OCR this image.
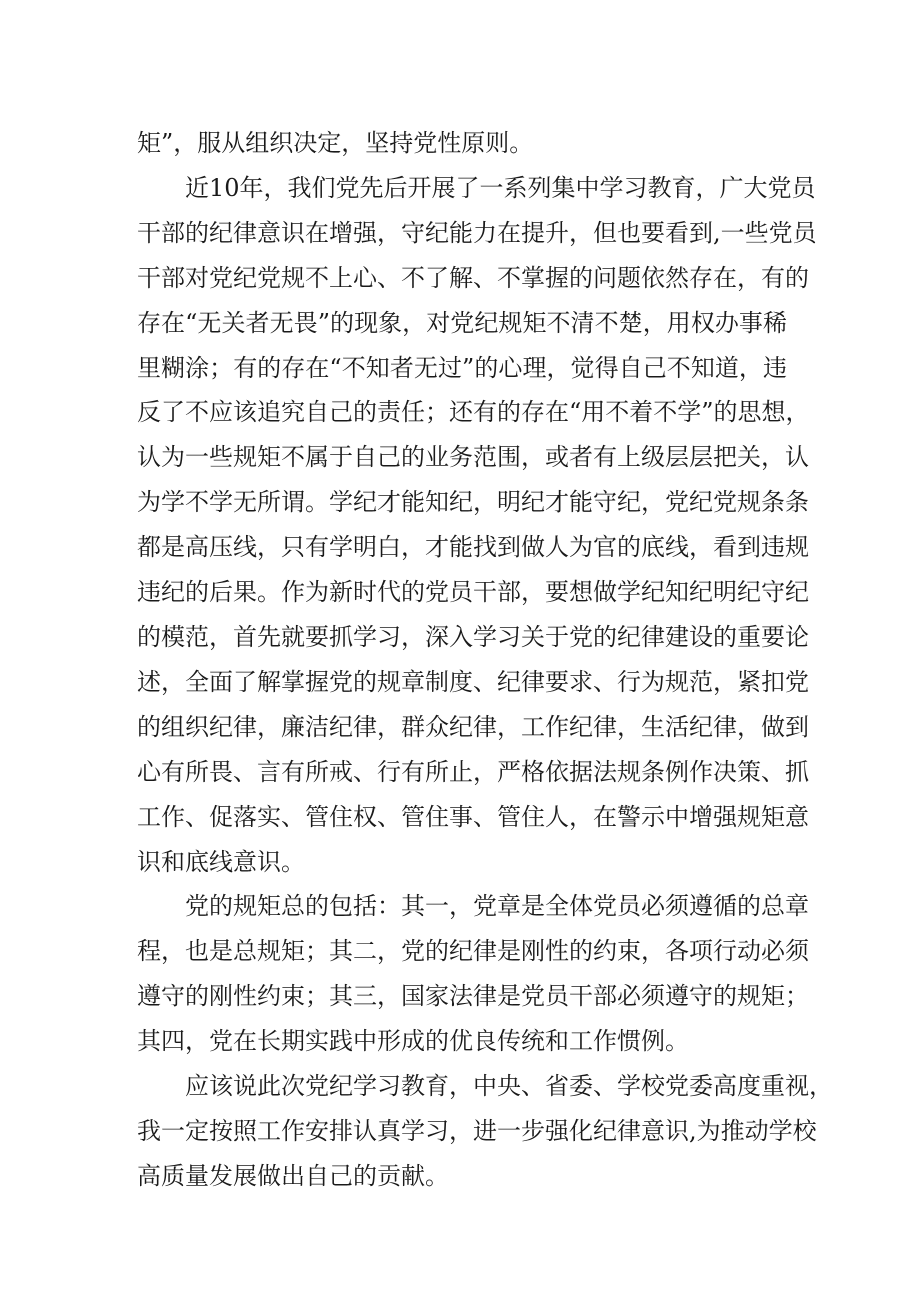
矩”，服从组织决定，坚持党性原则。

近10年，我们党先后开展了一系列集中学习教育，广大党员
干部的纪律意识在增强，守纪能力在提升，但也要看到,一些党员
干部对党纪党规不上心、不了解、不掌握的问题依然存在，有的
存在“无关者无畏”的现象，对党纪规矩不清不楚，用权办事稀
里糊涂；有的存在“不知者无过”的心理，觉得自己不知道，违
反了不应该追究自己的责任；还有的存在“用不着不学”的思想，
认为一些规矩不属于自己的业务范围，或者有上级层层把关，认
为学不学无所谓。学纪才能知纪，明纪才能守纪，党纪党规条条
都是高压线，只有学明白，才能找到做人为官的底线，看到违规
违纪的后果。作为新时代的党员干部，要想做学纪知纪明纪守纪
的模范，首先就要抓学习，深入学习关于党的纪律建设的重要论
述，全面了解掌握党的规章制度、纪律要求、行为规范，紧扣党
的组织纪律，廉洁纪律，群众纪律，工作纪律，生活纪律，做到
心有所畏、言有所戒、行有所止，严格依据法规条例作决策、抓
工作、促落实、管住权、管住事、管住人，在警示中增强规矩意
识和底线意识。

党的规矩总的包括：其一，党章是全体党员必须遵循的总章
程，也是总规矩；其二，党的纪律是刚性的约束，各项行动必须
遵守的刚性约束；其三，国家法律是党员干部必须遵守的规矩；
其四，党在长期实践中形成的优良传统和工作惯例。

应该说此次党纪学习教育，中央、省委、学校党委高度重视，
我一定按照工作安排认真学习，进一步强化纪律意识,为推动学校
高质量发展做出自己的贡献。
